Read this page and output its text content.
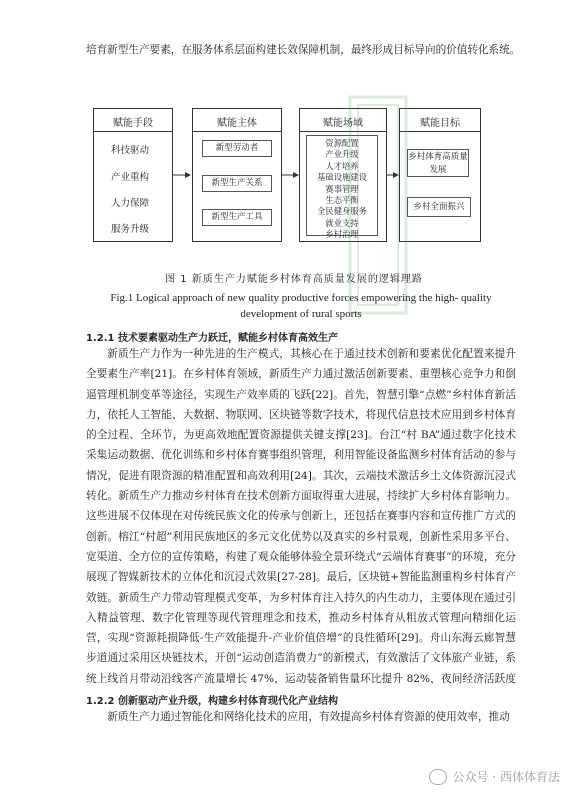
培育新型生产要素，在服务体系层面构建长效保障机制，最终形成目标导向的价值转化系统。
赋能手段
科技驱动
产业重构
人力保障
服务升级
赋能主体
新型劳动者
新型生产关系
新型生产工具
赋能场域
资源配置
产业升级
人才培养
基础设施建设
赛事管理
生态平衡
全民健身服务
就业支持
乡村治理
赋能目标
乡村体育高质量发展
乡村全面振兴
图 1 新质生产力赋能乡村体育高质量发展的逻辑理路
Fig.1 Logical approach of new quality productive forces empowering the high- quality development of rural sports
1.2.1 技术要素驱动生产力跃迁，赋能乡村体育高效生产
新质生产力作为一种先进的生产模式，其核心在于通过技术创新和要素优化配置来提升全要素生产率[21]。在乡村体育领域，新质生产力通过激活创新要素、重塑核心竞争力和倒逼管理机制变革等途径，实现生产效率质的飞跃[22]。首先，智慧引擎“点燃”乡村体育新活力，依托人工智能、大数据、物联网、区块链等数字技术，将现代信息技术应用到乡村体育的全过程、全环节，为更高效地配置资源提供关键支撑[23]。台江“村 BA”通过数字化技术采集运动数据、优化训练和乡村体育赛事组织管理，利用智能设备监测乡村体育活动的参与情况，促进有限资源的精准配置和高效利用[24]。其次，云端技术激活乡土文体资源沉浸式转化。新质生产力推动乡村体育在技术创新方面取得重大进展，持续扩大乡村体育影响力。这些进展不仅体现在对传统民族文化的传承与创新上，还包括在赛事内容和宣传推广方式的创新。榕江“村超”利用民族地区的多元文化优势以及真实的乡村景观，创新性采用多平台、宽渠道、全方位的宣传策略，构建了观众能够体验全景环绕式“云端体育赛事”的环境，充分展现了智媒新技术的立体化和沉浸式效果[27-28]。最后，区块链+智能监测重构乡村体育产效链。新质生产力带动管理模式变革，为乡村体育注入持久的内生动力，主要体现在通过引入精益管理、数字化管理等现代管理理念和技术，推动乡村体育从粗放式管理向精细化运营，实现“资源耗损降低-生产效能提升-产业价值倍增”的良性循环[29]。舟山东海云廊智慧步道通过采用区块链技术，开创“运动创造消费力”的新模式，有效激活了文体旅产业链，系统上线首月带动沿线客产流量增长 47%，运动装备销售量环比提升 82%，夜间经济活跃度
1.2.2 创新驱动产业升级，构建乡村体育现代化产业结构
新质生产力通过智能化和网络化技术的应用，有效提高乡村体育资源的使用效率，推动
公众号 · 西体体育法
